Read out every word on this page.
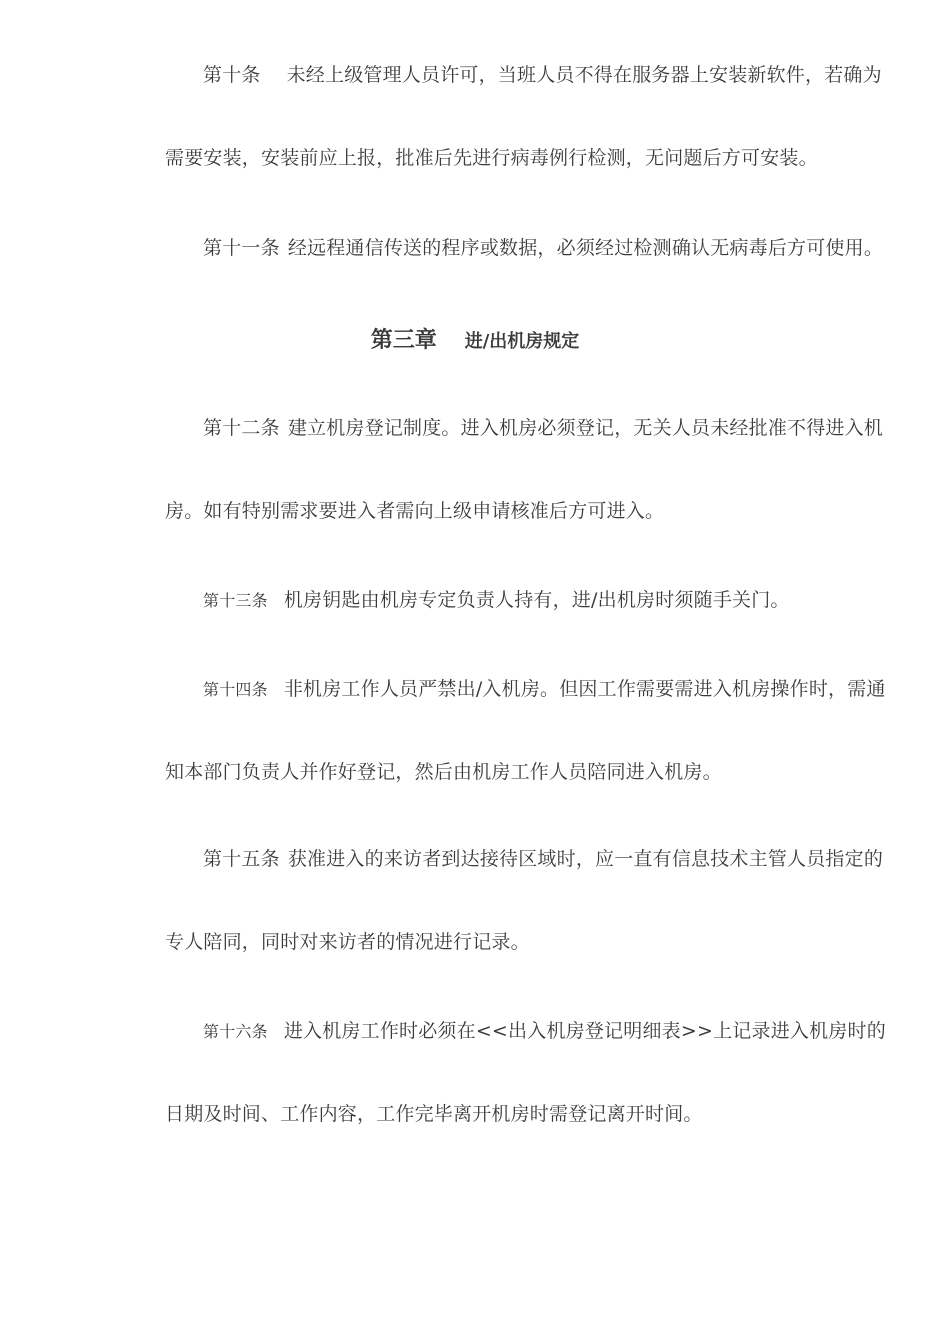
第十条 未经上级管理人员许可，当班人员不得在服务器上安装新软件，若确为
需要安装，安装前应上报，批准后先进行病毒例行检测，无问题后方可安装。
第十一条 经远程通信传送的程序或数据，必须经过检测确认无病毒后方可使用。
第三章 进/出机房规定
第十二条 建立机房登记制度。进入机房必须登记，无关人员未经批准不得进入机
房。如有特别需求要进入者需向上级申请核准后方可进入。
第十三条 机房钥匙由机房专定负责人持有，进/出机房时须随手关门。
第十四条 非机房工作人员严禁出/入机房。但因工作需要需进入机房操作时，需通
知本部门负责人并作好登记，然后由机房工作人员陪同进入机房。
第十五条 获准进入的来访者到达接待区域时，应一直有信息技术主管人员指定的
专人陪同，同时对来访者的情况进行记录。
第十六条 进入机房工作时必须在<<出入机房登记明细表>>上记录进入机房时的
日期及时间、工作内容，工作完毕离开机房时需登记离开时间。
